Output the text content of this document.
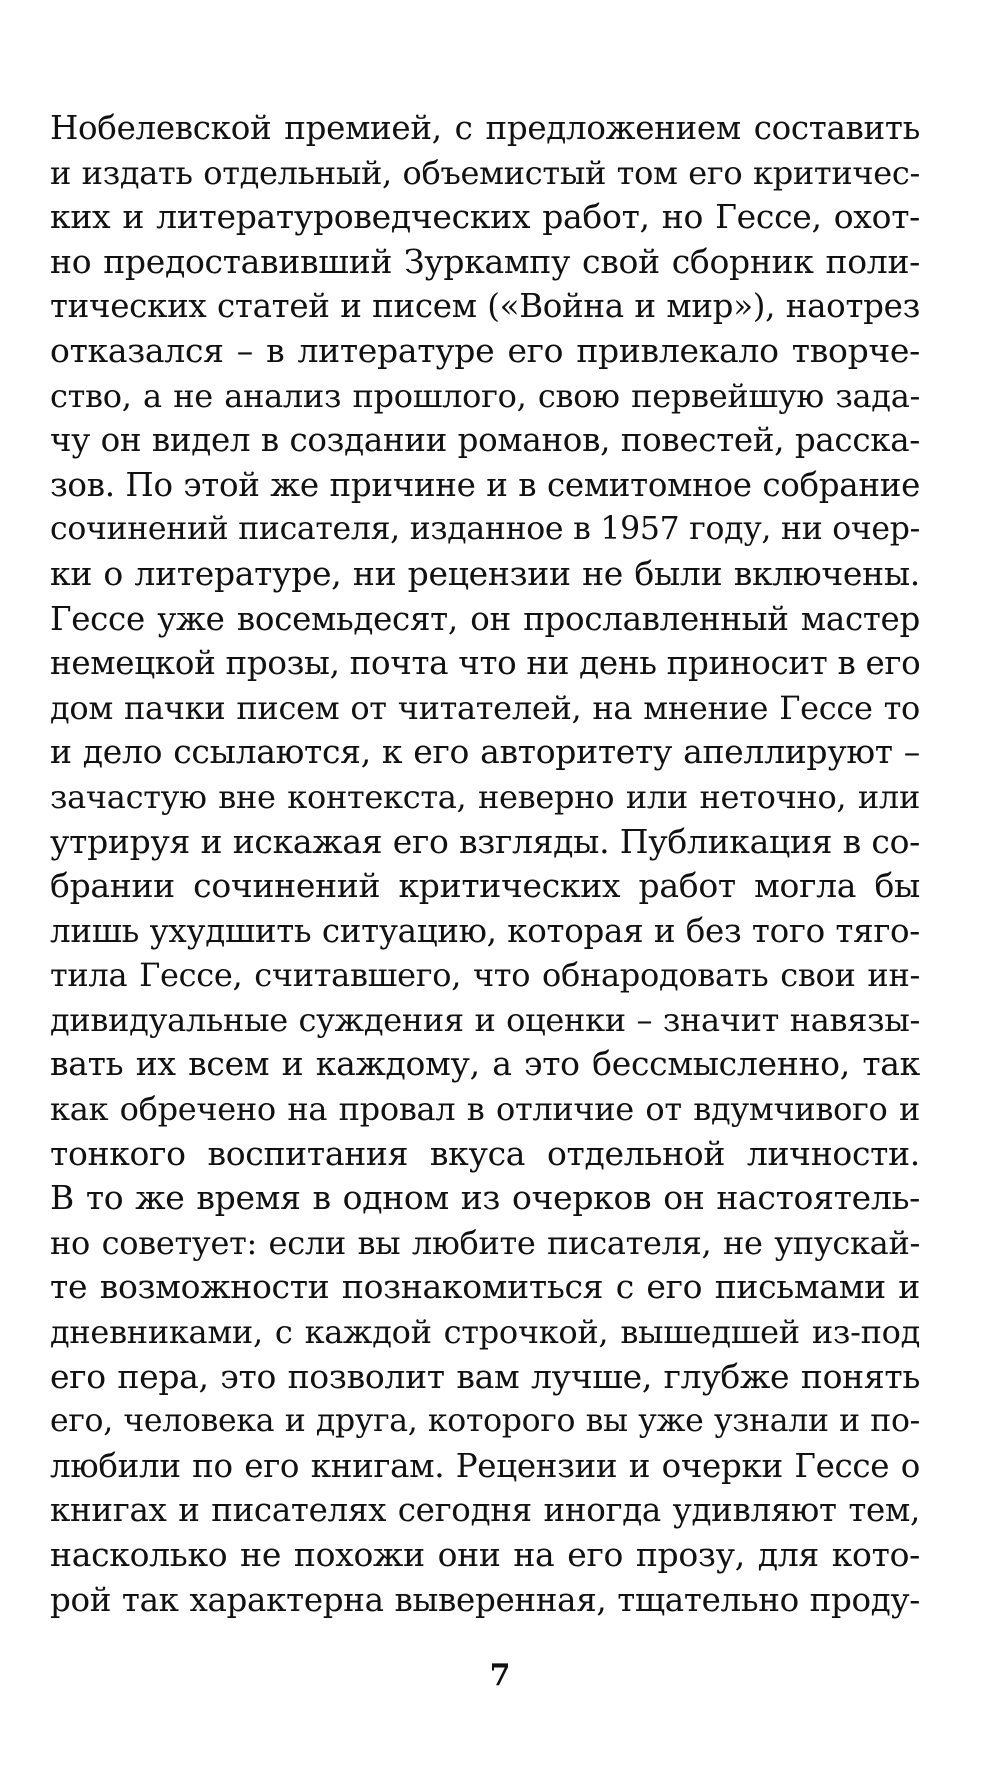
Нобелевской премией, с предложением составить
и издать отдельный, объемистый том его критичес-
ких и литературоведческих работ, но Гессе, охот-
но предоставивший Зуркампу свой сборник поли-
тических статей и писем («Война и мир»), наотрез
отказался – в литературе его привлекало творче-
ство, а не анализ прошлого, свою первейшую зада-
чу он видел в создании романов, повестей, расска-
зов. По этой же причине и в семитомное собрание
сочинений писателя, изданное в 1957 году, ни очер-
ки о литературе, ни рецензии не были включены.
Гессе уже восемьдесят, он прославленный мастер
немецкой прозы, почта что ни день приносит в его
дом пачки писем от читателей, на мнение Гессе то
и дело ссылаются, к его авторитету апеллируют –
зачастую вне контекста, неверно или неточно, или
утрируя и искажая его взгляды. Публикация в со-
брании сочинений критических работ могла бы
лишь ухудшить ситуацию, которая и без того тяго-
тила Гессе, считавшего, что обнародовать свои ин-
дивидуальные суждения и оценки – значит навязы-
вать их всем и каждому, а это бессмысленно, так
как обречено на провал в отличие от вдумчивого и
тонкого воспитания вкуса отдельной личности.
В то же время в одном из очерков он настоятель-
но советует: если вы любите писателя, не упускай-
те возможности познакомиться с его письмами и
дневниками, с каждой строчкой, вышедшей из-под
его пера, это позволит вам лучше, глубже понять
его, человека и друга, которого вы уже узнали и по-
любили по его книгам. Рецензии и очерки Гессе о
книгах и писателях сегодня иногда удивляют тем,
насколько не похожи они на его прозу, для кото-
рой так характерна выверенная, тщательно проду-
7
